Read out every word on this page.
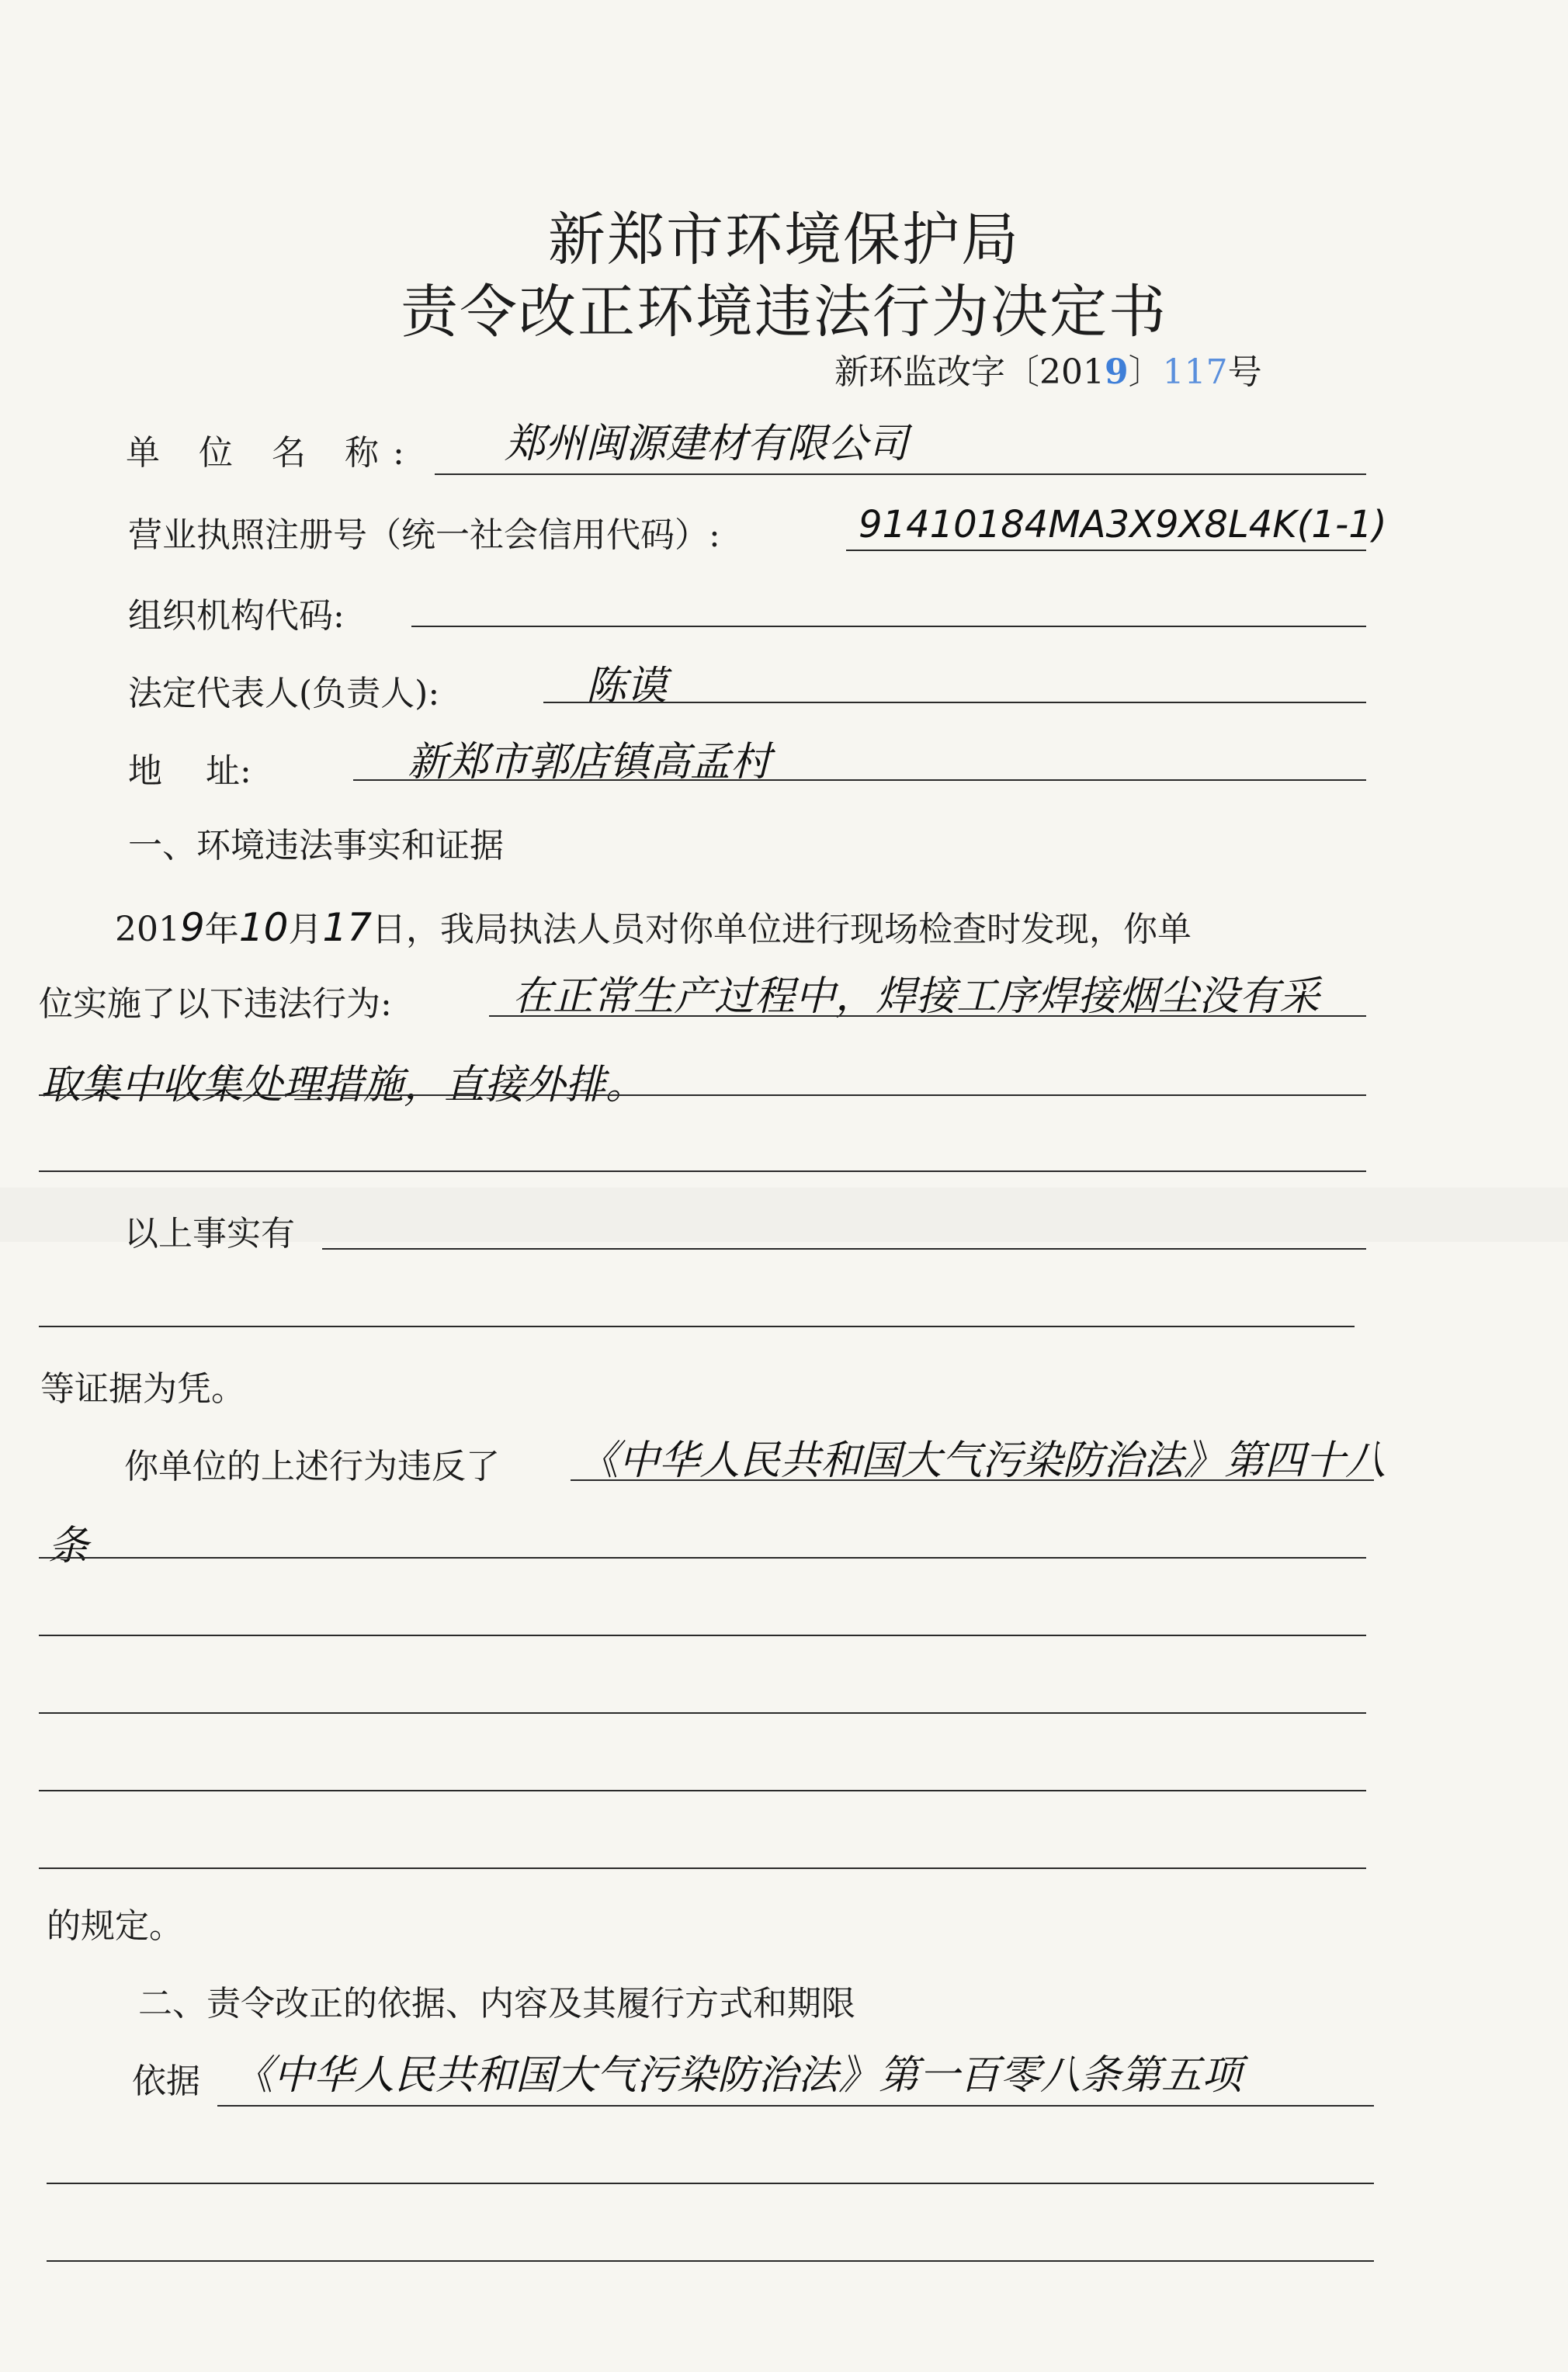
新郑市环境保护局
责令改正环境违法行为决定书
新环监改字〔2019〕117号
单 位 名 称: 郑州闽源建材有限公司
营业执照注册号（统一社会信用代码）:	91410184MA3X9X8L4K(1-1)
组织机构代码:
法定代表人(负责人):	陈谟
地    址:	新郑市郭店镇高孟村
一、环境违法事实和证据
2019年10月17日，我局执法人员对你单位进行现场检查时发现，你单
位实施了以下违法行为:	在正常生产过程中，焊接工序焊接烟尘没有采
取集中收集处理措施，直接外排。
以上事实有
等证据为凭。
你单位的上述行为违反了 《中华人民共和国大气污染防治法》第四十八
条
的规定。
二、责令改正的依据、内容及其履行方式和期限
依据 《中华人民共和国大气污染防治法》第一百零八条第五项
